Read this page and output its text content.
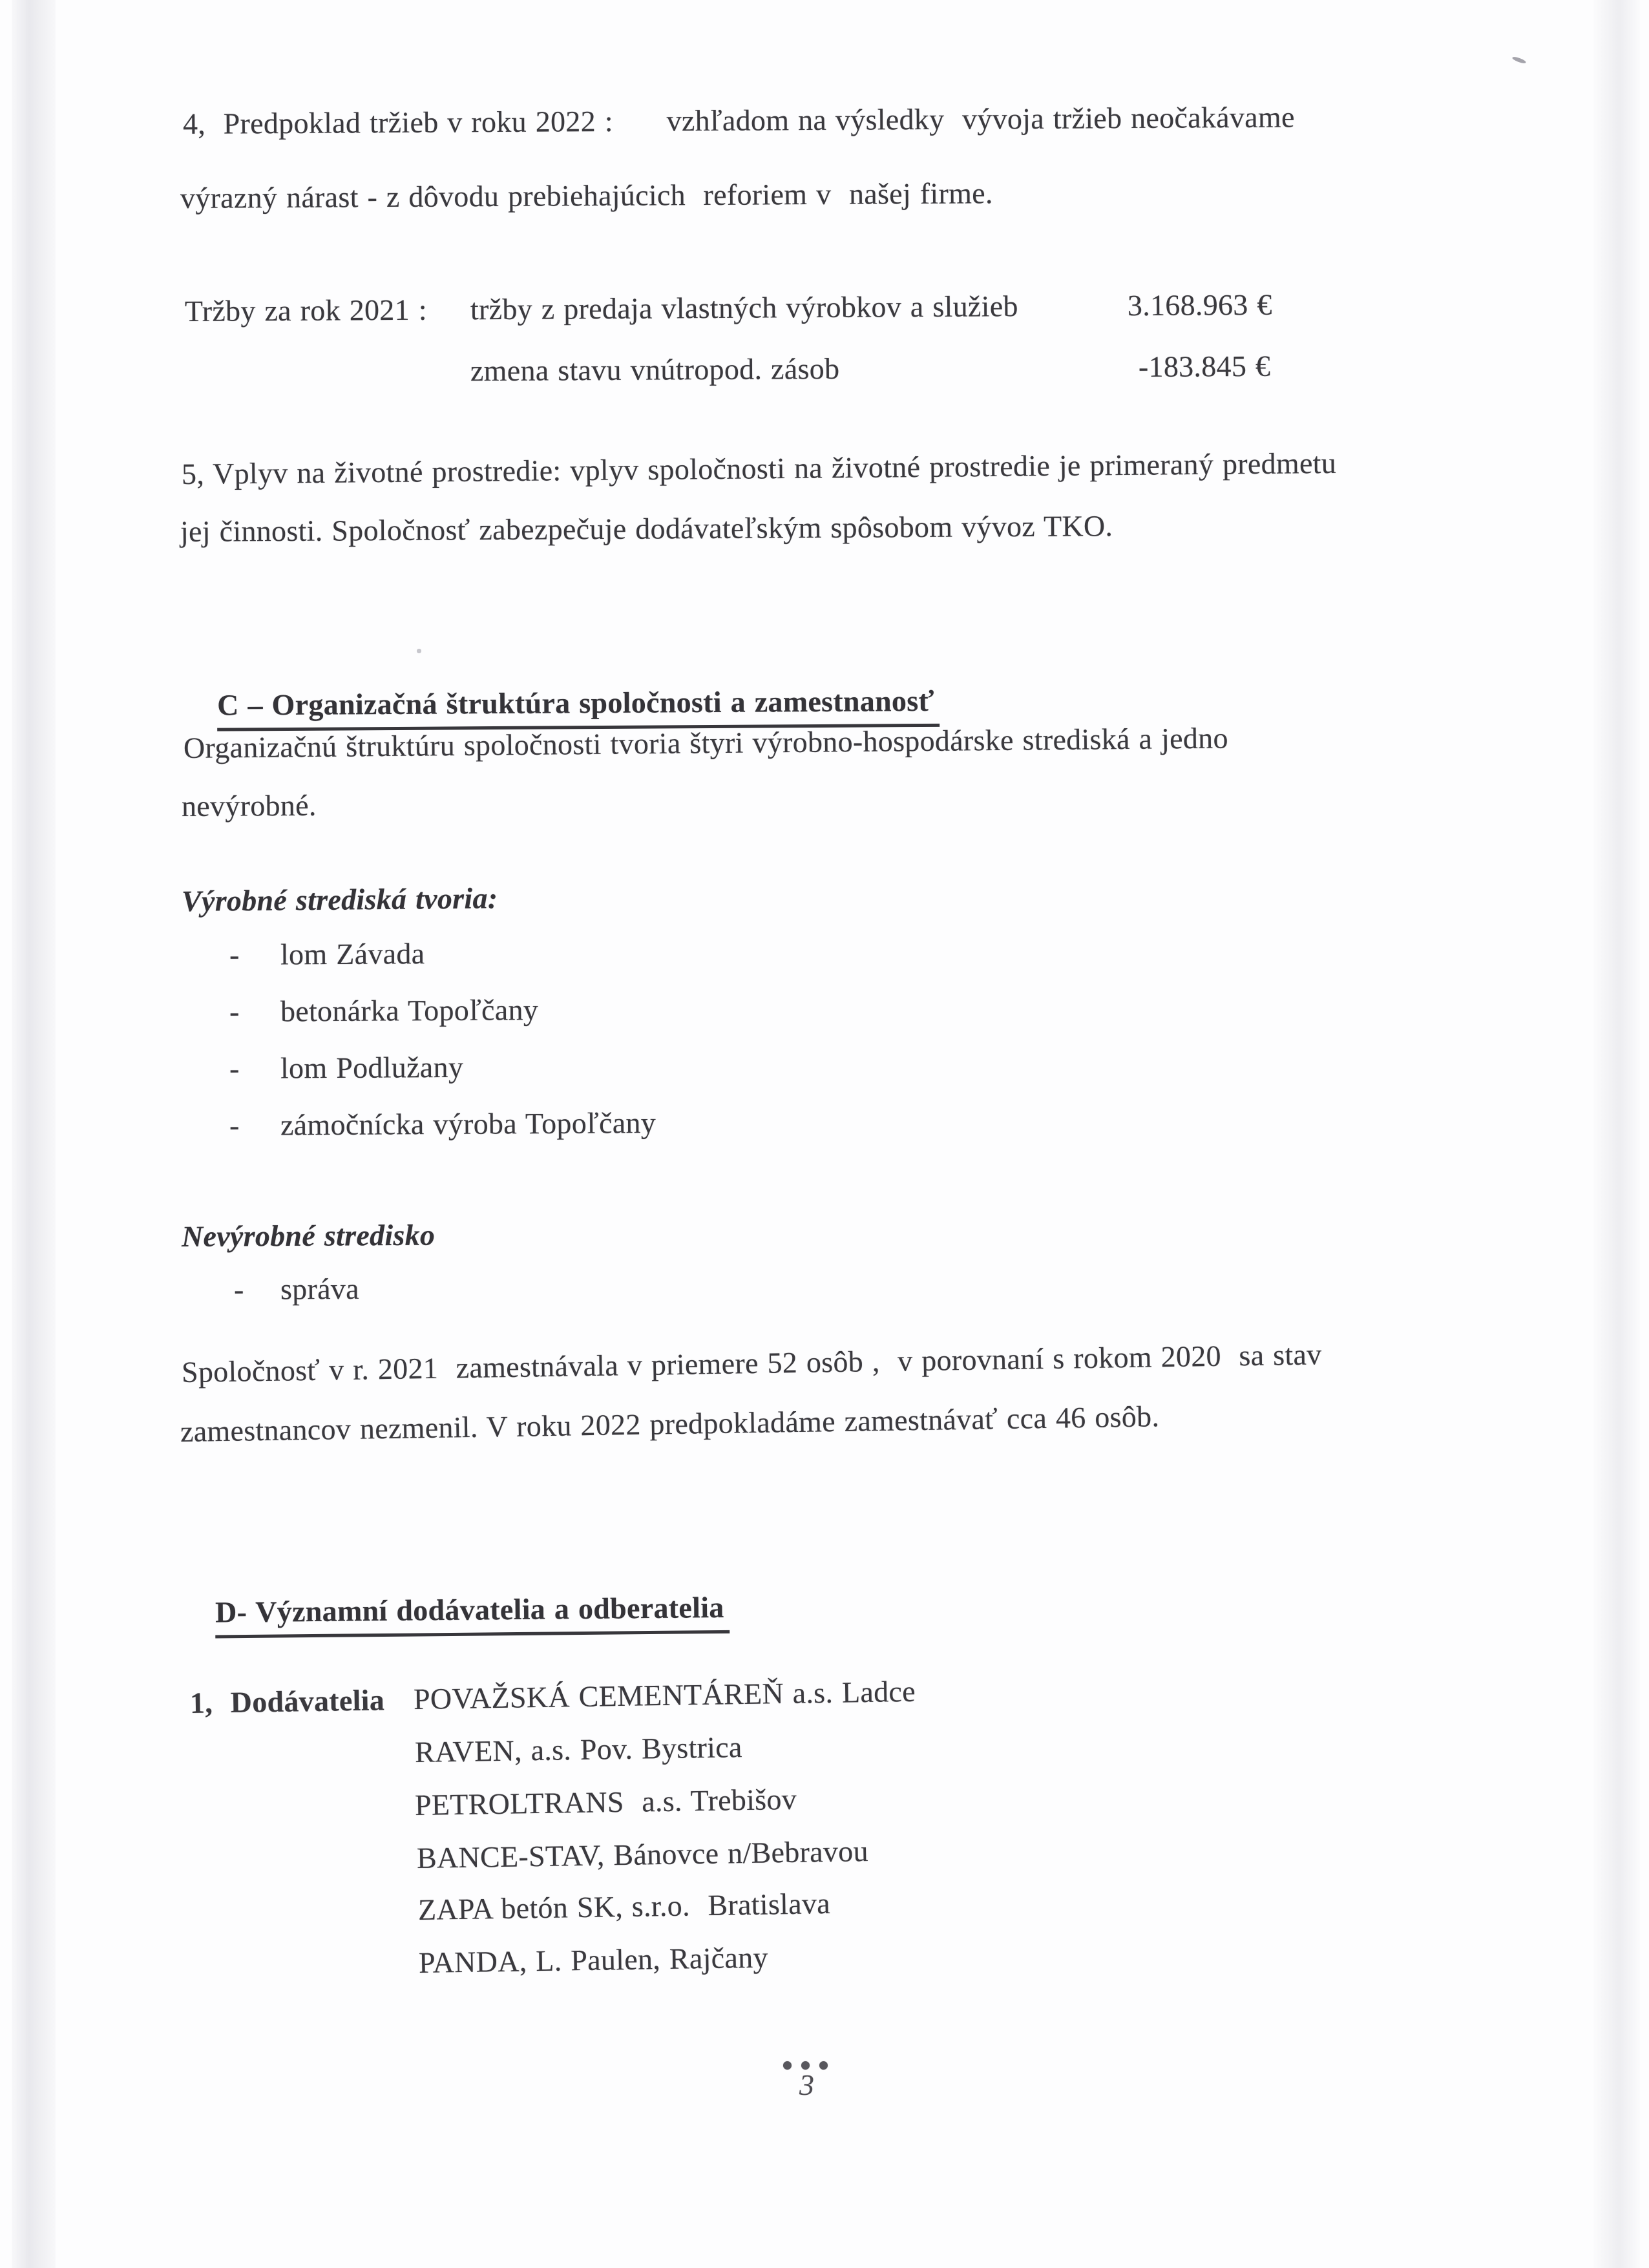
4,  Predpoklad tržieb v roku 2022 :      vzhľadom na výsledky  vývoja tržieb neočakávame
výrazný nárast - z dôvodu prebiehajúcich  reforiem v  našej firme.

Tržby za rok 2021 :

tržby z predaja vlastných výrobkov a služieb

	3.168.963 €

zmena stavu vnútropod. zásob

	-183.845 €

5, Vplyv na životné prostredie: vplyv spoločnosti na životné prostredie je primeraný predmetu
jej činnosti. Spoločnosť zabezpečuje dodávateľským spôsobom vývoz TKO.

C – Organizačná štruktúra spoločnosti a zamestnanosť

Organizačnú štruktúru spoločnosti tvoria štyri výrobno-hospodárske strediská a jedno
nevýrobné.
Výrobné strediská tvoria:
- lom Závada
- betonárka Topoľčany
- lom Podlužany
- zámočnícka výroba Topoľčany
Nevýrobné stredisko
- správa
Spoločnosť v r. 2021  zamestnávala v priemere 52 osôb ,  v porovnaní s rokom 2020  sa stav
zamestnancov nezmenil. V roku 2022 predpokladáme zamestnávať cca 46 osôb.

D- Významní dodávatelia a odberatelia

1,  Dodávatelia POVAŽSKÁ CEMENTÁREŇ a.s. Ladce
RAVEN, a.s. Pov. Bystrica
PETROLTRANS  a.s. Trebišov
BANCE-STAV, Bánovce n/Bebravou
ZAPA betón SK, s.r.o.  Bratislava
PANDA, L. Paulen, Rajčany
3
